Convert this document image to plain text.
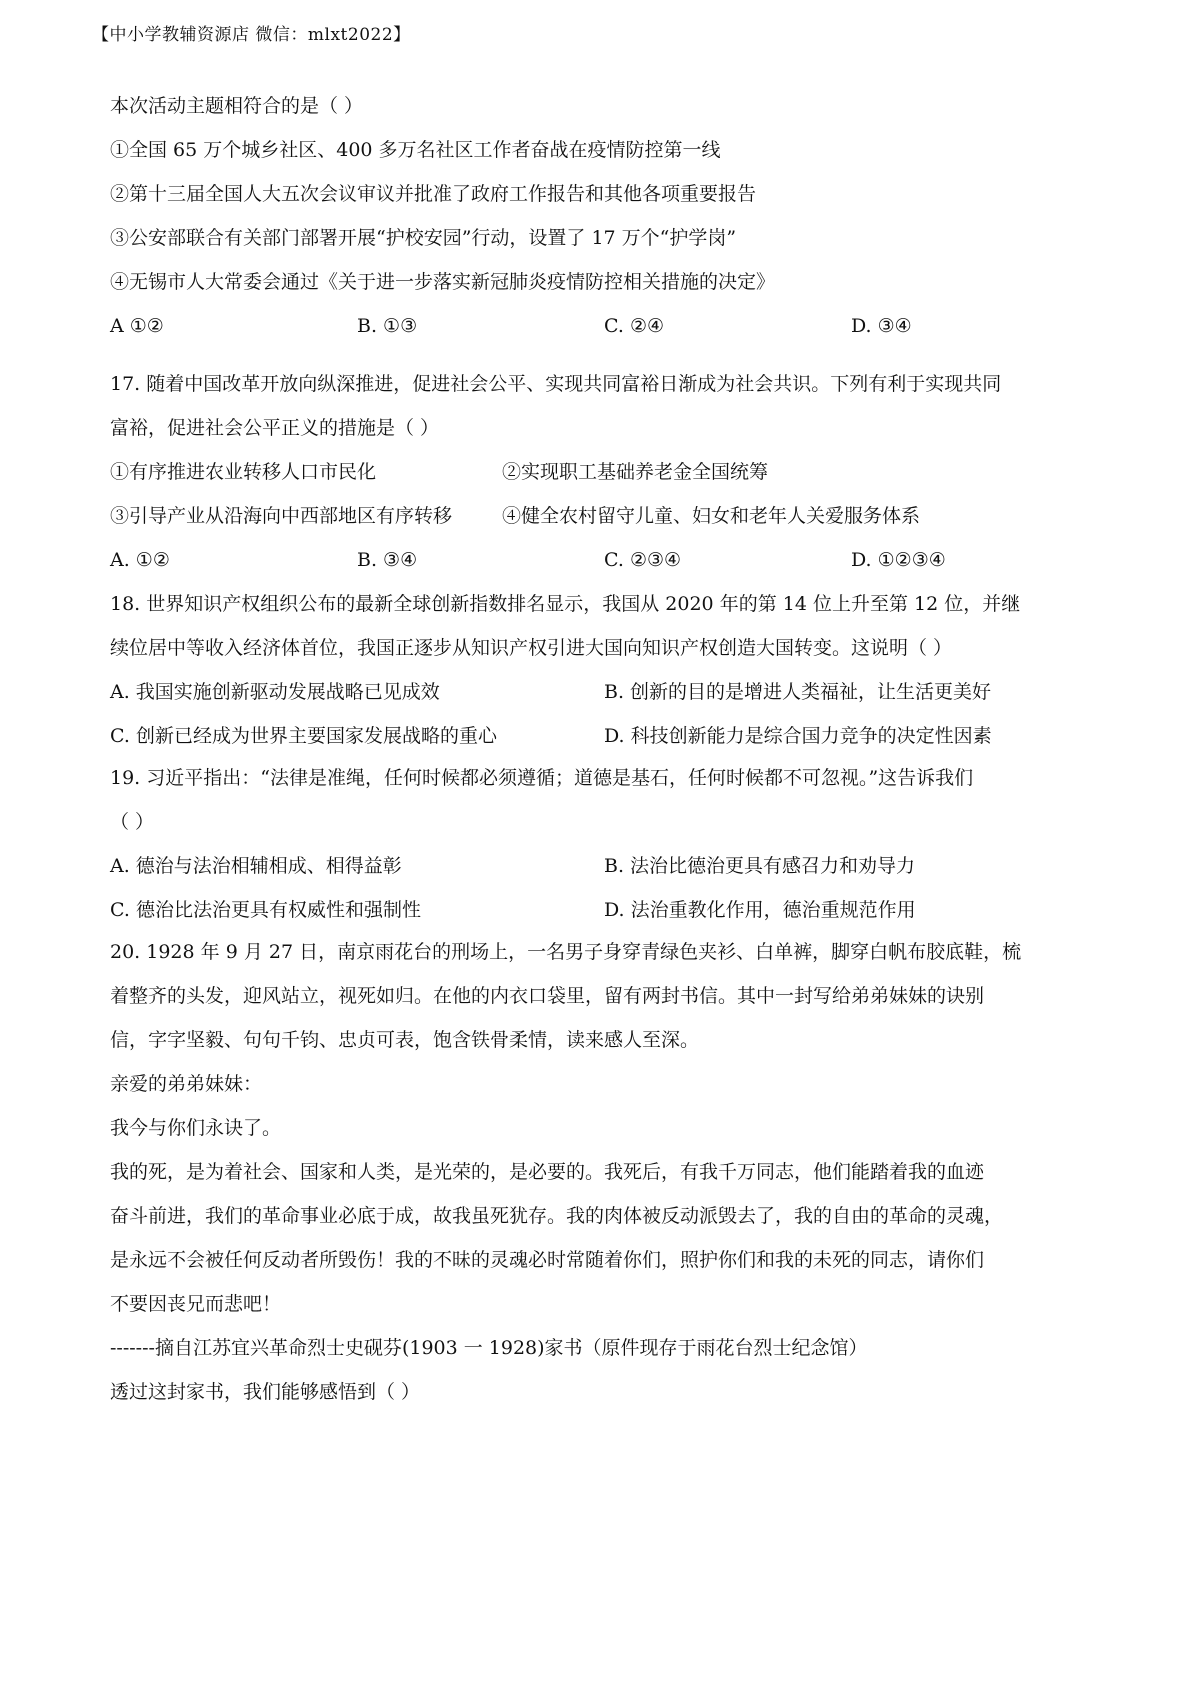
【中小学教辅资源店 微信：mlxt2022】
本次活动主题相符合的是（ ）
①全国 65 万个城乡社区、400 多万名社区工作者奋战在疫情防控第一线
②第十三届全国人大五次会议审议并批准了政府工作报告和其他各项重要报告
③公安部联合有关部门部署开展“护校安园”行动，设置了 17 万个“护学岗”
④无锡市人大常委会通过《关于进一步落实新冠肺炎疫情防控相关措施的决定》
A ①②	B. ①③	C. ②④	D. ③④
17. 随着中国改革开放向纵深推进，促进社会公平、实现共同富裕日渐成为社会共识。下列有利于实现共同
富裕，促进社会公平正义的措施是（ ）
①有序推进农业转移人口市民化	②实现职工基础养老金全国统筹
③引导产业从沿海向中西部地区有序转移	④健全农村留守儿童、妇女和老年人关爱服务体系
A. ①②	B. ③④	C. ②③④	D. ①②③④
18. 世界知识产权组织公布的最新全球创新指数排名显示，我国从 2020 年的第 14 位上升至第 12 位，并继
续位居中等收入经济体首位，我国正逐步从知识产权引进大国向知识产权创造大国转变。这说明（ ）
A. 我国实施创新驱动发展战略已见成效	B. 创新的目的是增进人类福祉，让生活更美好
C. 创新已经成为世界主要国家发展战略的重心	D. 科技创新能力是综合国力竞争的决定性因素
19. 习近平指出：“法律是准绳，任何时候都必须遵循；道德是基石，任何时候都不可忽视。”这告诉我们
（ ）
A. 德治与法治相辅相成、相得益彰	B. 法治比德治更具有感召力和劝导力
C. 德治比法治更具有权威性和强制性	D. 法治重教化作用，德治重规范作用
20. 1928 年 9 月 27 日，南京雨花台的刑场上，一名男子身穿青绿色夹衫、白单裤，脚穿白帆布胶底鞋，梳
着整齐的头发，迎风站立，视死如归。在他的内衣口袋里，留有两封书信。其中一封写给弟弟妹妹的诀别
信，字字坚毅、句句千钧、忠贞可表，饱含铁骨柔情，读来感人至深。
亲爱的弟弟妹妹：
我今与你们永诀了。
我的死，是为着社会、国家和人类，是光荣的，是必要的。我死后，有我千万同志，他们能踏着我的血迹
奋斗前进，我们的革命事业必底于成，故我虽死犹存。我的肉体被反动派毁去了，我的自由的革命的灵魂，
是永远不会被任何反动者所毁伤！我的不昧的灵魂必时常随着你们，照护你们和我的未死的同志，请你们
不要因丧兄而悲吧！
-------摘自江苏宜兴革命烈士史砚芬(1903 一 1928)家书（原件现存于雨花台烈士纪念馆）
透过这封家书，我们能够感悟到（ ）
